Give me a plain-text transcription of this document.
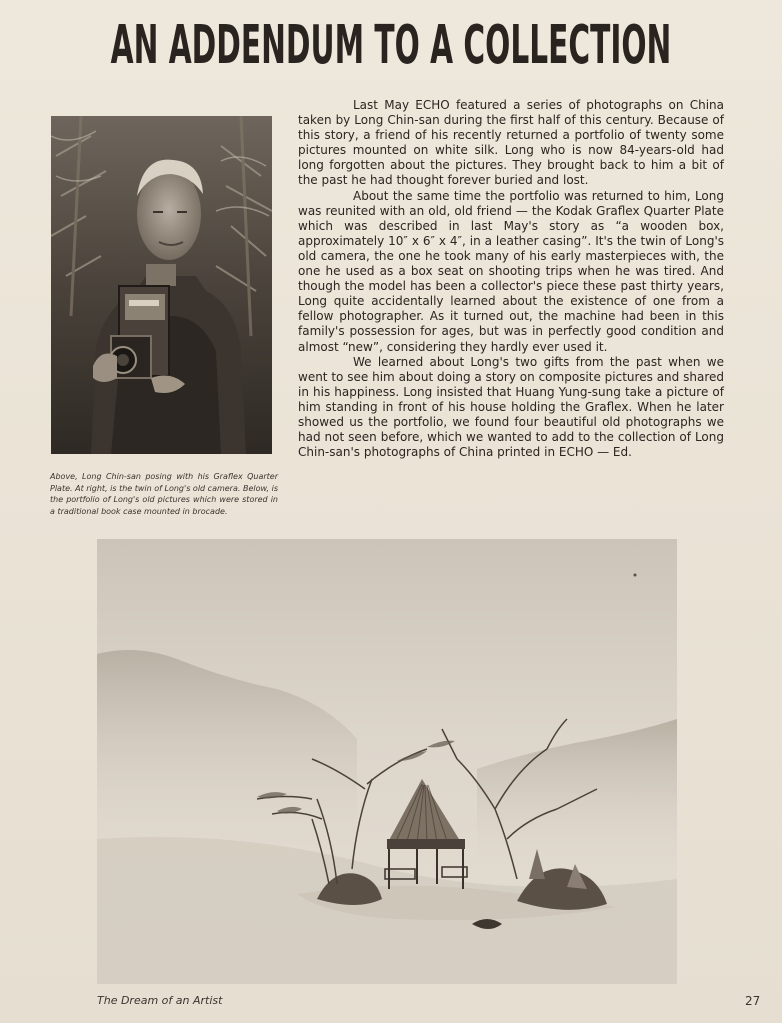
AN ADDENDUM TO A COLLECTION
Above, Long Chin-san posing with his Graflex Quarter Plate. At right, is the twin of Long's old camera. Below, is the portfolio of Long's old pictures which were stored in a traditional book case mounted in brocade.

Last May ECHO featured a series of photographs on China taken by Long Chin-san during the first half of this century. Because of this story, a friend of his recently returned a portfolio of twenty some pictures mounted on white silk. Long who is now 84-years-old had long forgotten about the pictures. They brought back to him a bit of the past he had thought forever buried and lost.

About the same time the portfolio was returned to him, Long was reunited with an old, old friend — the Kodak Graflex Quarter Plate which was described in last May's story as “a wooden box, approximately 10″ x 6″ x 4″, in a leather casing”. It's the twin of Long's old camera, the one he took many of his early masterpieces with, the one he used as a box seat on shooting trips when he was tired. And though the model has been a collector's piece these past thirty years, Long quite accidentally learned about the existence of one from a fellow photographer. As it turned out, the machine had been in this family's possession for ages, but was in perfectly good condition and almost “new”, considering they hardly ever used it.

We learned about Long's two gifts from the past when we went to see him about doing a story on composite pictures and shared in his happiness. Long insisted that Huang Yung-sung take a picture of him standing in front of his house holding the Graflex. When he later showed us the portfolio, we found four beautiful old photographs we had not seen before, which we wanted to add to the collection of Long Chin-san's photographs of China printed in ECHO — Ed.

The Dream of an Artist	27
